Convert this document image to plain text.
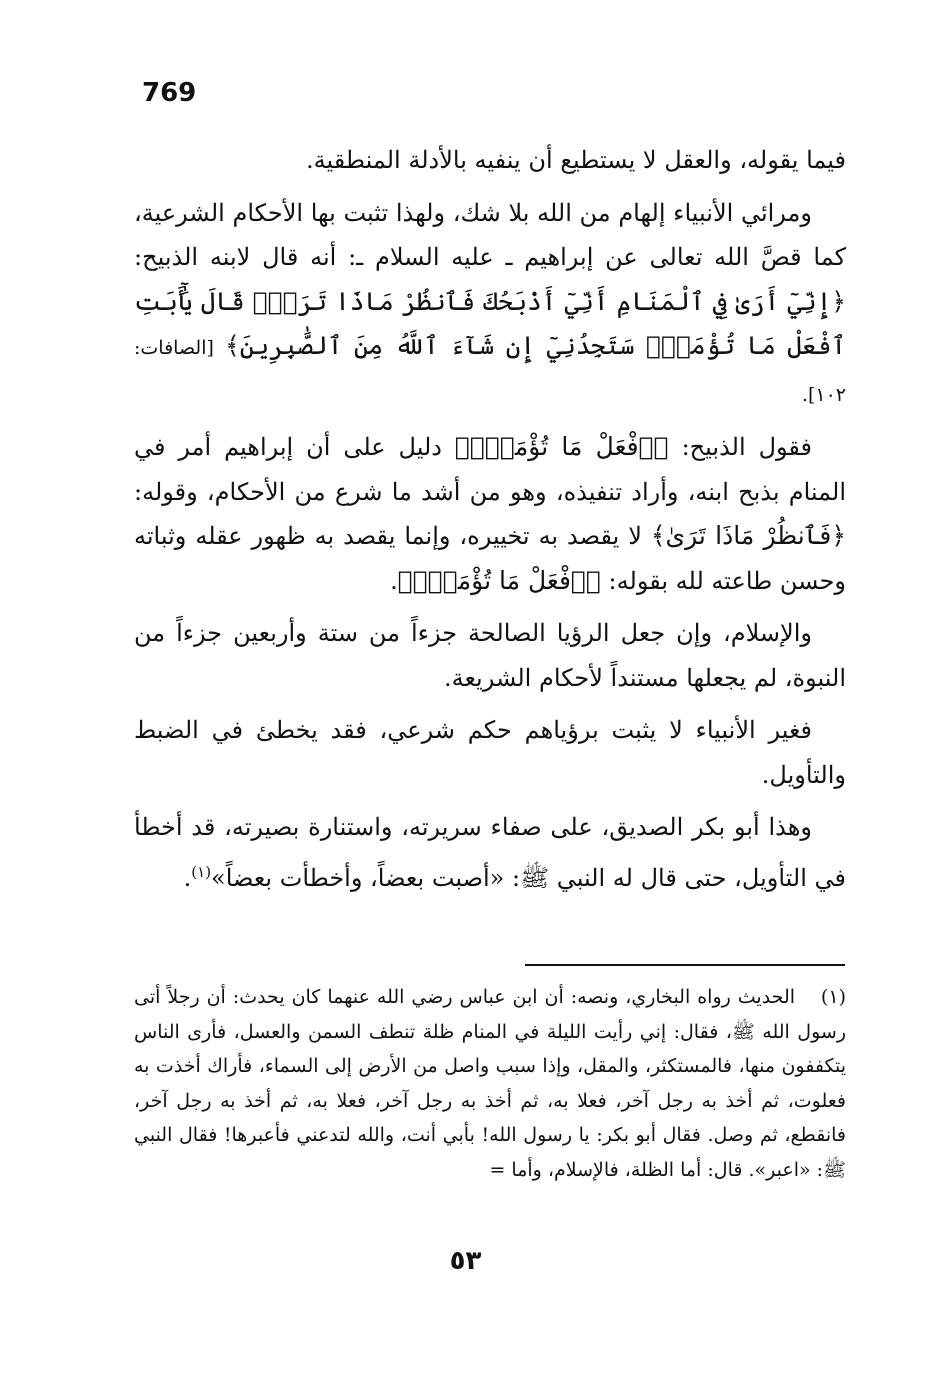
769

فيما يقوله، والعقل لا يستطيع أن ينفيه بالأدلة المنطقية.

ومرائي الأنبياء إلهام من الله بلا شك، ولهذا تثبت بها الأحكام الشرعية، كما قصَّ الله تعالى عن إبراهيم ـ عليه السلام ـ: أنه قال لابنه الذبيح: ﴿إِنِّيٓ أَرَىٰ فِي ٱلْمَنَامِ أَنِّيٓ أَذْبَحُكَ فَٱنظُرْ مَاذَا تَرَىٰۚ قَالَ يَٰٓأَبَتِ ٱفْعَلْ مَا تُؤْمَرُۖ سَتَجِدُنِيٓ إِن شَآءَ ٱللَّهُ مِنَ ٱلصَّٰبِرِينَ﴾ [الصافات: ١٠٢].

فقول الذبيح: ﴿ٱفْعَلْ مَا تُؤْمَرُۖ﴾ دليل على أن إبراهيم أمر في المنام بذبح ابنه، وأراد تنفيذه، وهو من أشد ما شرع من الأحكام، وقوله: ﴿فَٱنظُرْ مَاذَا تَرَىٰ﴾ لا يقصد به تخييره، وإنما يقصد به ظهور عقله وثباته وحسن طاعته لله بقوله: ﴿ٱفْعَلْ مَا تُؤْمَرُۖ﴾.

والإسلام، وإن جعل الرؤيا الصالحة جزءاً من ستة وأربعين جزءاً من النبوة، لم يجعلها مستنداً لأحكام الشريعة.

فغير الأنبياء لا يثبت برؤياهم حكم شرعي، فقد يخطئ في الضبط والتأويل.

وهذا أبو بكر الصديق، على صفاء سريرته، واستنارة بصيرته، قد أخطأ في التأويل، حتى قال له النبي ﷺ: «أصبت بعضاً، وأخطأت بعضاً»$^{(١)}$.

(١) الحديث رواه البخاري، ونصه: أن ابن عباس رضي الله عنهما كان يحدث: أن رجلاً أتى رسول الله ﷺ، فقال: إني رأيت الليلة في المنام ظلة تنطف السمن والعسل، فأرى الناس يتكففون منها، فالمستكثر، والمقل، وإذا سبب واصل من الأرض إلى السماء، فأراك أخذت به فعلوت، ثم أخذ به رجل آخر، فعلا به، ثم أخذ به رجل آخر، فعلا به، ثم أخذ به رجل آخر، فانقطع، ثم وصل. فقال أبو بكر: يا رسول الله! بأبي أنت، والله لتدعني فأعبرها! فقال النبي ﷺ: «اعبر». قال: أما الظلة، فالإسلام، وأما =

٥٣
